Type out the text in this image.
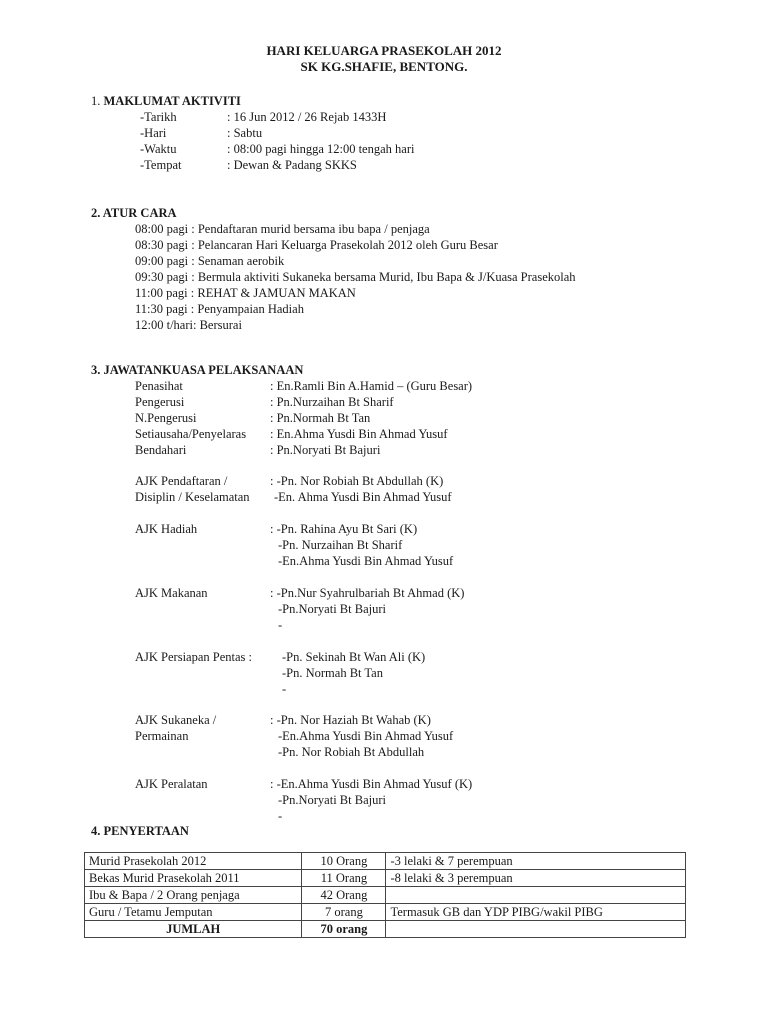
HARI KELUARGA PRASEKOLAH 2012
SK KG.SHAFIE, BENTONG.
1. MAKLUMAT AKTIVITI
-Tarikh	: 16 Jun 2012 / 26 Rejab 1433H
-Hari	: Sabtu
-Waktu	: 08:00 pagi hingga 12:00 tengah hari
-Tempat	: Dewan & Padang SKKS
2. ATUR CARA
08:00 pagi : Pendaftaran murid bersama ibu bapa / penjaga
08:30 pagi : Pelancaran Hari Keluarga Prasekolah 2012 oleh Guru Besar
09:00 pagi : Senaman aerobik
09:30 pagi : Bermula aktiviti Sukaneka bersama Murid, Ibu Bapa & J/Kuasa Prasekolah
11:00 pagi : REHAT & JAMUAN MAKAN
11:30 pagi : Penyampaian Hadiah
12:00 t/hari: Bersurai
3. JAWATANKUASA PELAKSANAAN
Penasihat	: En.Ramli Bin A.Hamid – (Guru Besar)
Pengerusi	: Pn.Nurzaihan Bt Sharif
N.Pengerusi	: Pn.Normah Bt Tan
Setiausaha/Penyelaras : En.Ahma Yusdi Bin Ahmad Yusuf
Bendahari	: Pn.Noryati Bt Bajuri
AJK Pendaftaran /
Disiplin / Keselamatan
: -Pn. Nor Robiah Bt Abdullah (K)
-En. Ahma Yusdi Bin Ahmad Yusuf
AJK Hadiah	: -Pn. Rahina Ayu Bt Sari (K)
-Pn. Nurzaihan Bt Sharif
-En.Ahma Yusdi Bin Ahmad Yusuf
AJK Makanan	: -Pn.Nur Syahrulbariah Bt Ahmad (K)
-Pn.Noryati Bt Bajuri
-
AJK Persiapan Pentas : -Pn. Sekinah Bt Wan Ali (K)
-Pn. Normah Bt Tan
-
AJK Sukaneka /
Permainan
: -Pn. Nor Haziah Bt Wahab (K)
-En.Ahma Yusdi Bin Ahmad Yusuf
-Pn. Nor Robiah Bt Abdullah
AJK Peralatan	: -En.Ahma Yusdi Bin Ahmad Yusuf (K)
-Pn.Noryati Bt Bajuri
-
4. PENYERTAAN
Murid Prasekolah 2012	10 Orang	-3 lelaki & 7 perempuan
Bekas Murid Prasekolah 2011	11 Orang	-8 lelaki & 3 perempuan
Ibu & Bapa / 2 Orang penjaga	42 Orang	
Guru / Tetamu Jemputan	7 orang	Termasuk GB dan YDP PIBG/wakil PIBG
JUMLAH	70 orang	
